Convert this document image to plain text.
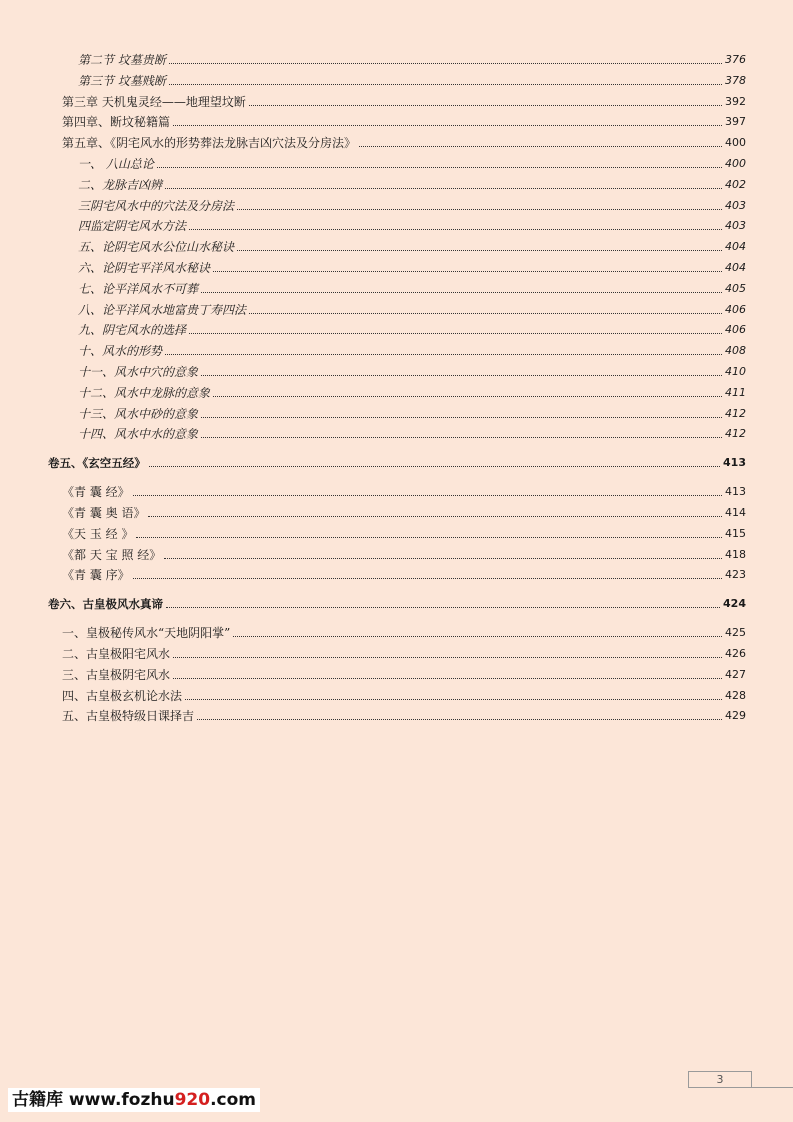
第二节 坟墓贵断	376
第三节 坟墓贱断	378
第三章 天机鬼灵经——地理望坟断	392
第四章、断坟秘籍篇	397
第五章、《阴宅风水的形势葬法龙脉吉凶穴法及分房法》	400
一、 八山总论	400
二、龙脉吉凶辨	402
三阴宅风水中的穴法及分房法	403
四监定阴宅风水方法	403
五、论阴宅风水公位山水秘诀	404
六、论阴宅平洋风水秘诀	404
七、论平洋风水不可葬	405
八、论平洋风水地富贵丁寿四法	406
九、阴宅风水的选择	406
十、风水的形势	408
十一、风水中穴的意象	410
十二、风水中龙脉的意象	411
十三、风水中砂的意象	412
十四、风水中水的意象	412
卷五、《玄空五经》	413
《青 囊 经》	413
《青 囊 奥 语》	414
《天 玉 经 》	415
《都 天 宝 照 经》	418
《青 囊 序》	423
卷六、古皇极风水真谛	424
一、皇极秘传风水“天地阴阳掌”	425
二、古皇极阳宅风水	426
三、古皇极阴宅风水	427
四、古皇极玄机论水法	428
五、古皇极特级日课择吉	429
3
古籍库 www.fozhu920.com
